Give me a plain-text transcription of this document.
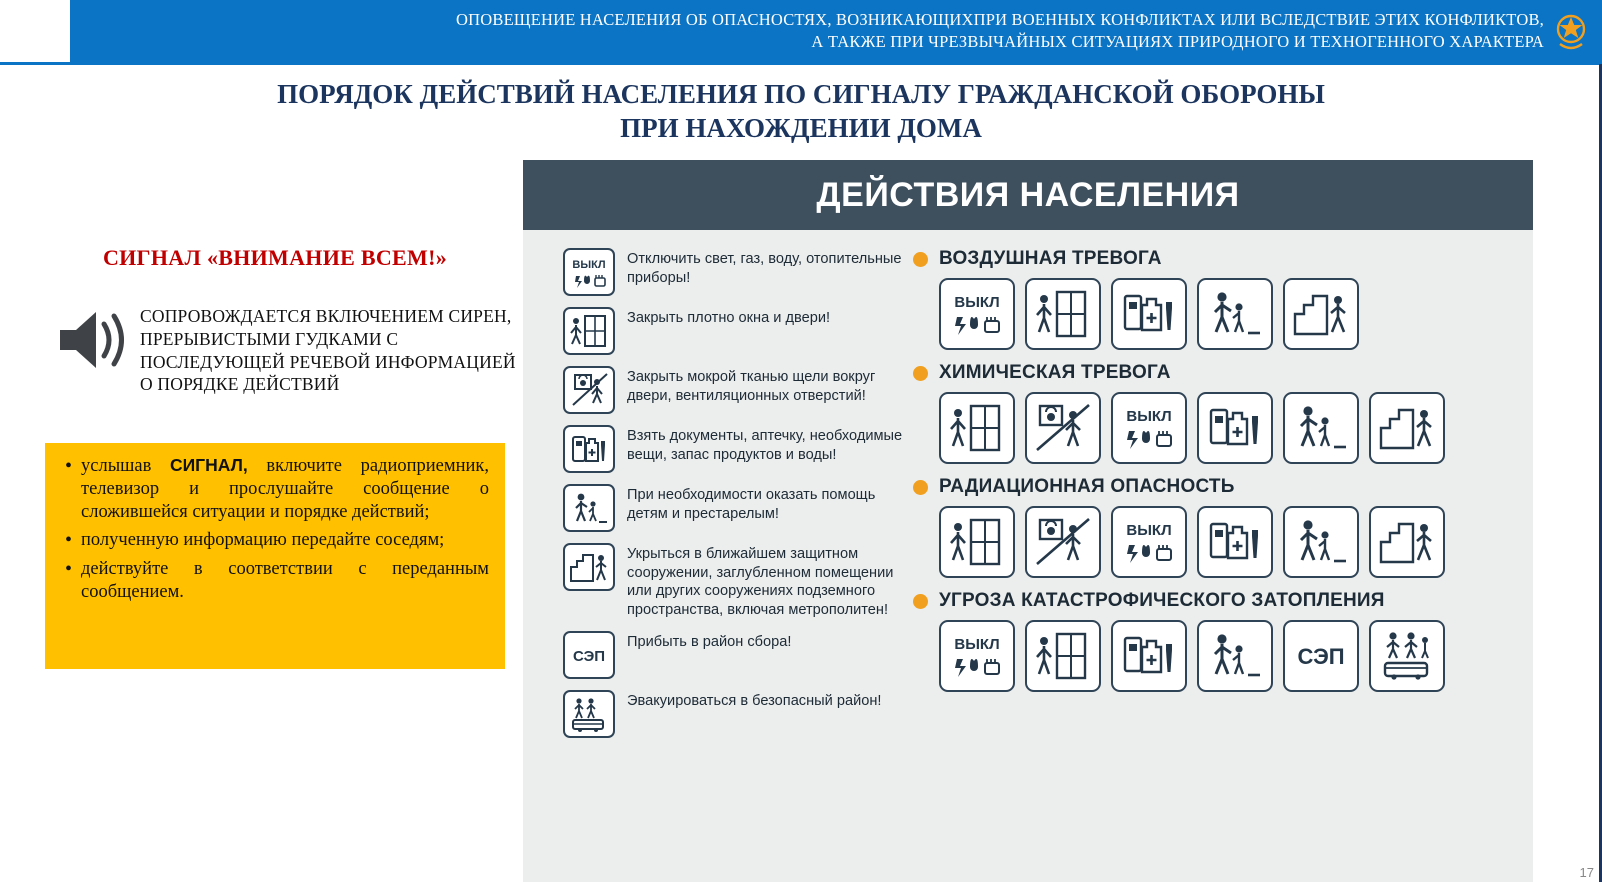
ОПОВЕЩЕНИЕ НАСЕЛЕНИЯ ОБ ОПАСНОСТЯХ, ВОЗНИКАЮЩИХПРИ ВОЕННЫХ КОНФЛИКТАХ ИЛИ ВСЛЕДСТВИЕ ЭТИХ КОНФЛИКТОВ,
А ТАКЖЕ ПРИ ЧРЕЗВЫЧАЙНЫХ СИТУАЦИЯХ ПРИРОДНОГО И ТЕХНОГЕННОГО ХАРАКТЕРА
ПОРЯДОК ДЕЙСТВИЙ НАСЕЛЕНИЯ ПО СИГНАЛУ ГРАЖДАНСКОЙ ОБОРОНЫ
ПРИ НАХОЖДЕНИИ ДОМА
СИГНАЛ «ВНИМАНИЕ ВСЕМ!»
СОПРОВОЖДАЕТСЯ ВКЛЮЧЕНИЕМ СИРЕН, ПРЕРЫВИСТЫМИ ГУДКАМИ С ПОСЛЕДУЮЩЕЙ РЕЧЕВОЙ ИНФОРМАЦИЕЙ О ПОРЯДКЕ ДЕЙСТВИЙ
• услышав СИГНАЛ, включите радиоприемник, телевизор и прослушайте сообщение о сложившейся ситуации и порядке действий;
• полученную информацию передайте соседям;
• действуйте в соответствии с переданным сообщением.
ДЕЙСТВИЯ НАСЕЛЕНИЯ
ВЫКЛ Отключить свет, газ, воду, отопительные приборы!
Закрыть плотно окна и двери!
Закрыть мокрой тканью щели вокруг двери, вентиляционных отверстий!
Взять документы, аптечку, необходимые вещи, запас продуктов и воды!
При необходимости оказать помощь детям и престарелым!
Укрыться в ближайшем защитном сооружении, заглубленном помещении или других сооружениях подземного пространства, включая метрополитен!
СЭП
Прибыть в район сбора!
Эвакуироваться в безопасный район!
ВОЗДУШНАЯ ТРЕВОГА
ВЫКЛ
ХИМИЧЕСКАЯ ТРЕВОГА
ВЫКЛ
РАДИАЦИОННАЯ ОПАСНОСТЬ
ВЫКЛ
УГРОЗА КАТАСТРОФИЧЕСКОГО ЗАТОПЛЕНИЯ
ВЫКЛ	СЭП
17
